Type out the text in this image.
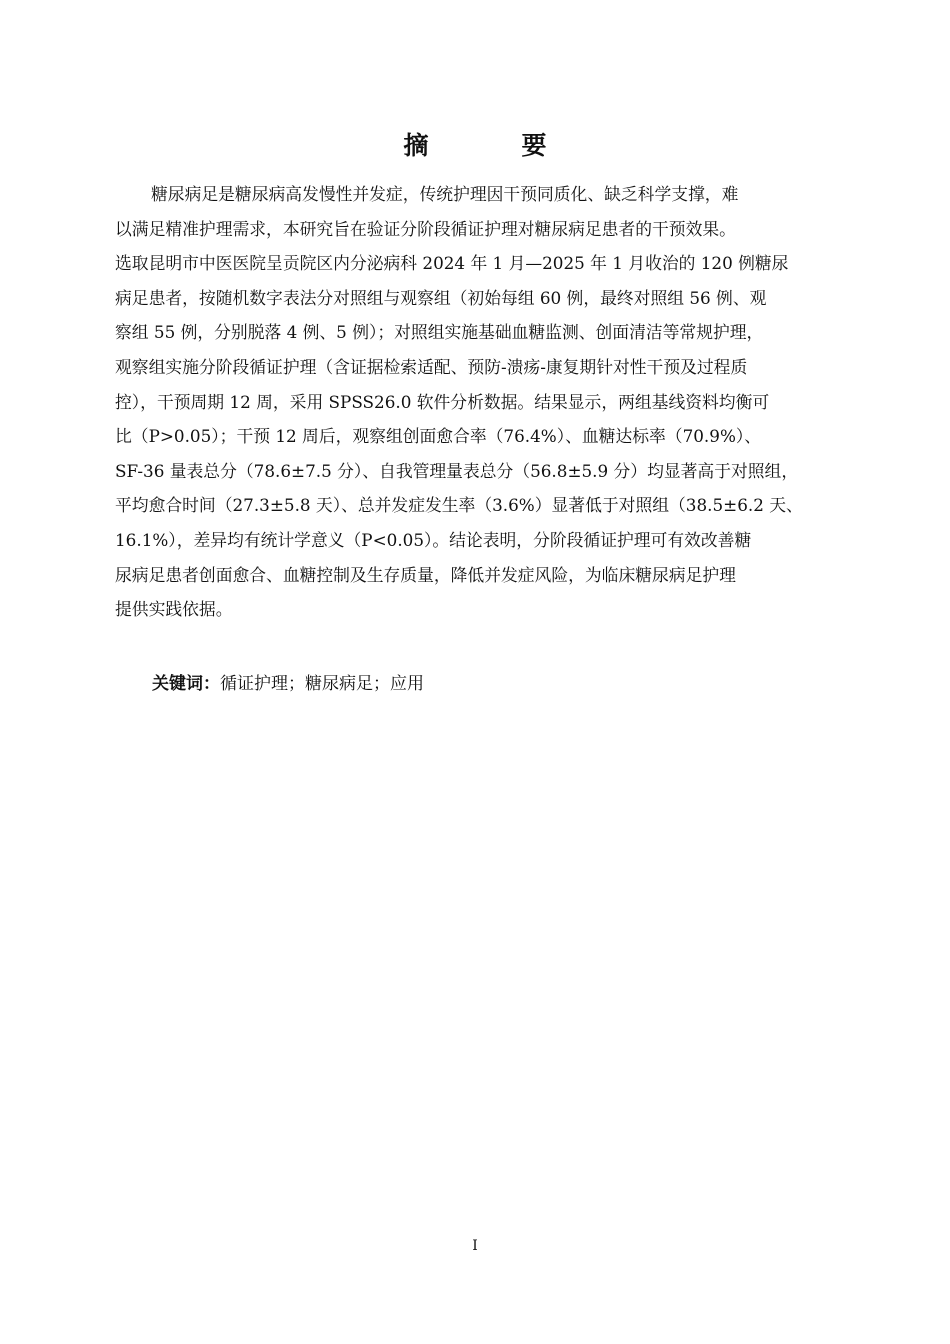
摘　要
糖尿病足是糖尿病高发慢性并发症，传统护理因干预同质化、缺乏科学支撑，难
以满足精准护理需求，本研究旨在验证分阶段循证护理对糖尿病足患者的干预效果。
选取昆明市中医医院呈贡院区内分泌病科 2024 年 1 月—2025 年 1 月收治的 120 例糖尿
病足患者，按随机数字表法分对照组与观察组（初始每组 60 例，最终对照组 56 例、观
察组 55 例，分别脱落 4 例、5 例）；对照组实施基础血糖监测、创面清洁等常规护理，
观察组实施分阶段循证护理（含证据检索适配、预防-溃疡-康复期针对性干预及过程质
控），干预周期 12 周，采用 SPSS26.0 软件分析数据。结果显示，两组基线资料均衡可
比（P>0.05）；干预 12 周后，观察组创面愈合率（76.4%）、血糖达标率（70.9%）、
SF-36 量表总分（78.6±7.5 分）、自我管理量表总分（56.8±5.9 分）均显著高于对照组，
平均愈合时间（27.3±5.8 天）、总并发症发生率（3.6%）显著低于对照组（38.5±6.2 天、
16.1%），差异均有统计学意义（P<0.05）。结论表明，分阶段循证护理可有效改善糖
尿病足患者创面愈合、血糖控制及生存质量，降低并发症风险，为临床糖尿病足护理
提供实践依据。
关键词：循证护理；糖尿病足；应用
I
